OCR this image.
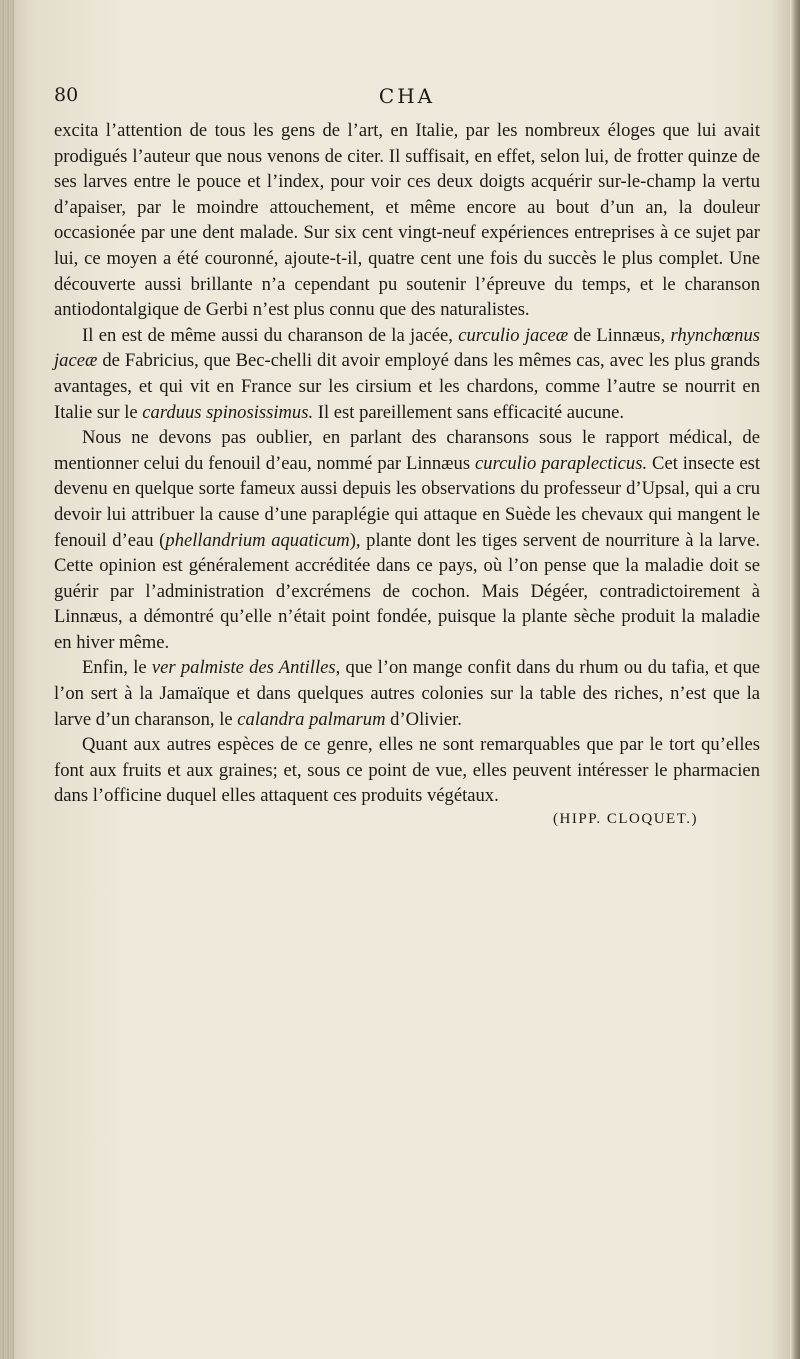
80	CHA

excita l’attention de tous les gens de l’art, en Italie, par les nombreux éloges que lui avait prodigués l’auteur que nous venons de citer. Il suffisait, en effet, selon lui, de frotter quinze de ses larves entre le pouce et l’index, pour voir ces deux doigts acquérir sur-le-champ la vertu d’apaiser, par le moindre attouchement, et même encore au bout d’un an, la douleur occasionée par une dent malade. Sur six cent vingt-neuf expériences entreprises à ce sujet par lui, ce moyen a été couronné, ajoute-t-il, quatre cent une fois du succès le plus complet. Une découverte aussi brillante n’a cependant pu soutenir l’épreuve du temps, et le charanson antiodontalgique de Gerbi n’est plus connu que des naturalistes.

Il en est de même aussi du charanson de la jacée, curculio jaceæ de Linnæus, rhynchœnus jaceæ de Fabricius, que Bec-chelli dit avoir employé dans les mêmes cas, avec les plus grands avantages, et qui vit en France sur les cirsium et les chardons, comme l’autre se nourrit en Italie sur le carduus spinosissimus. Il est pareillement sans efficacité aucune.

Nous ne devons pas oublier, en parlant des charansons sous le rapport médical, de mentionner celui du fenouil d’eau, nommé par Linnæus curculio paraplecticus. Cet insecte est devenu en quelque sorte fameux aussi depuis les observations du professeur d’Upsal, qui a cru devoir lui attribuer la cause d’une paraplégie qui attaque en Suède les chevaux qui mangent le fenouil d’eau (phellandrium aquaticum), plante dont les tiges servent de nourriture à la larve. Cette opinion est généralement accréditée dans ce pays, où l’on pense que la maladie doit se guérir par l’administration d’excrémens de cochon. Mais Dégéer, contradictoirement à Linnæus, a démontré qu’elle n’était point fondée, puisque la plante sèche produit la maladie en hiver même.

Enfin, le ver palmiste des Antilles, que l’on mange confit dans du rhum ou du tafia, et que l’on sert à la Jamaïque et dans quelques autres colonies sur la table des riches, n’est que la larve d’un charanson, le calandra palmarum d’Olivier.

Quant aux autres espèces de ce genre, elles ne sont remarquables que par le tort qu’elles font aux fruits et aux graines; et, sous ce point de vue, elles peuvent intéresser le pharmacien dans l’officine duquel elles attaquent ces produits végétaux.

(HIPP. CLOQUET.)
